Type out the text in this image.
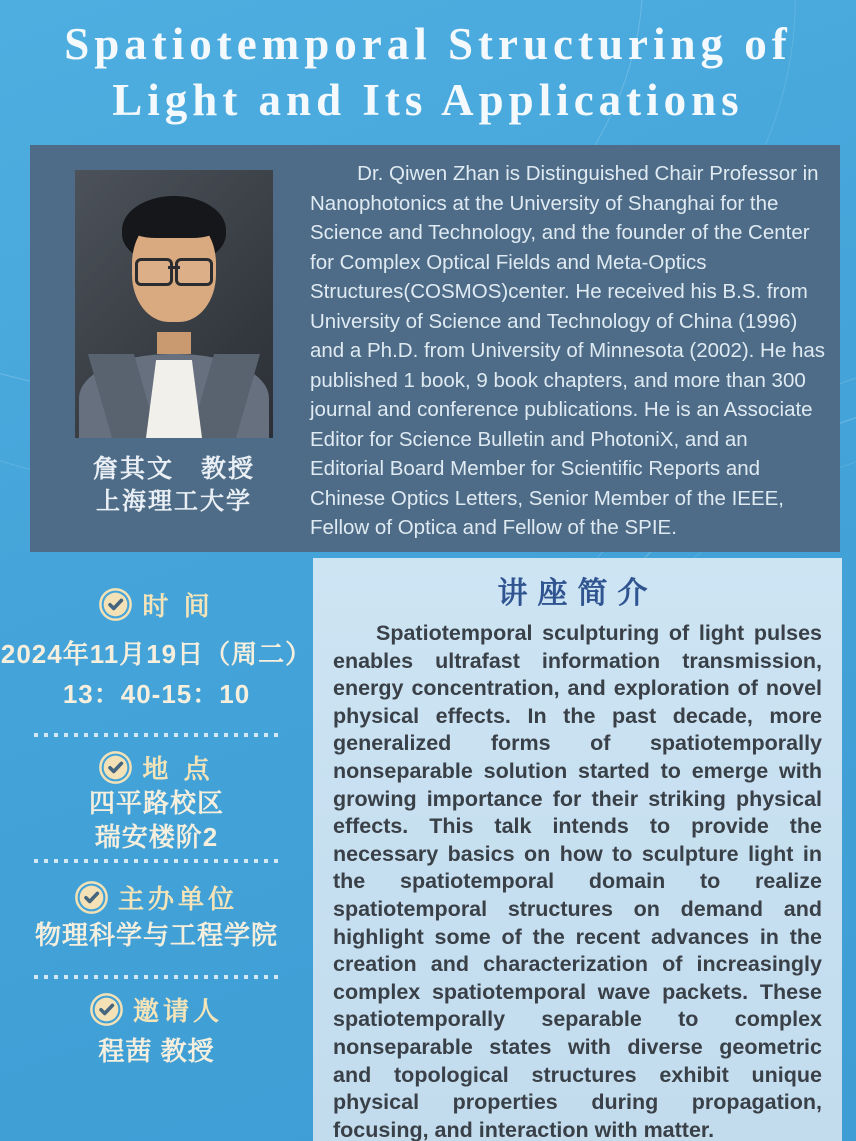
Spatiotemporal Structuring of
Light and Its Applications
詹其文　教授
上海理工大学
Dr. Qiwen Zhan is Distinguished Chair Professor in Nanophotonics at the University of Shanghai for the Science and Technology, and the founder of the Center for Complex Optical Fields and Meta-Optics Structures(COSMOS)center. He received his B.S. from University of Science and Technology of China (1996) and a Ph.D. from University of Minnesota (2002). He has published 1 book, 9 book chapters, and more than 300 journal and conference publications. He is an Associate Editor for Science Bulletin and PhotoniX, and an Editorial Board Member for Scientific Reports and Chinese Optics Letters, Senior Member of the IEEE, Fellow of Optica and Fellow of the SPIE.
时 间
2024年11月19日（周二）
13：40-15：10
地 点
四平路校区
瑞安楼阶2
主办单位
物理科学与工程学院
邀请人
程茜 教授
讲座简介
Spatiotemporal sculpturing of light pulses enables ultrafast information transmission, energy concentration, and exploration of novel physical effects. In the past decade, more generalized forms of spatiotemporally nonseparable solution started to emerge with growing importance for their striking physical effects. This talk intends to provide the necessary basics on how to sculpture light in the spatiotemporal domain to realize spatiotemporal structures on demand and highlight some of the recent advances in the creation and characterization of increasingly complex spatiotemporal wave packets. These spatiotemporally separable to complex nonseparable states with diverse geometric and topological structures exhibit unique physical properties during propagation, focusing, and interaction with matter.
